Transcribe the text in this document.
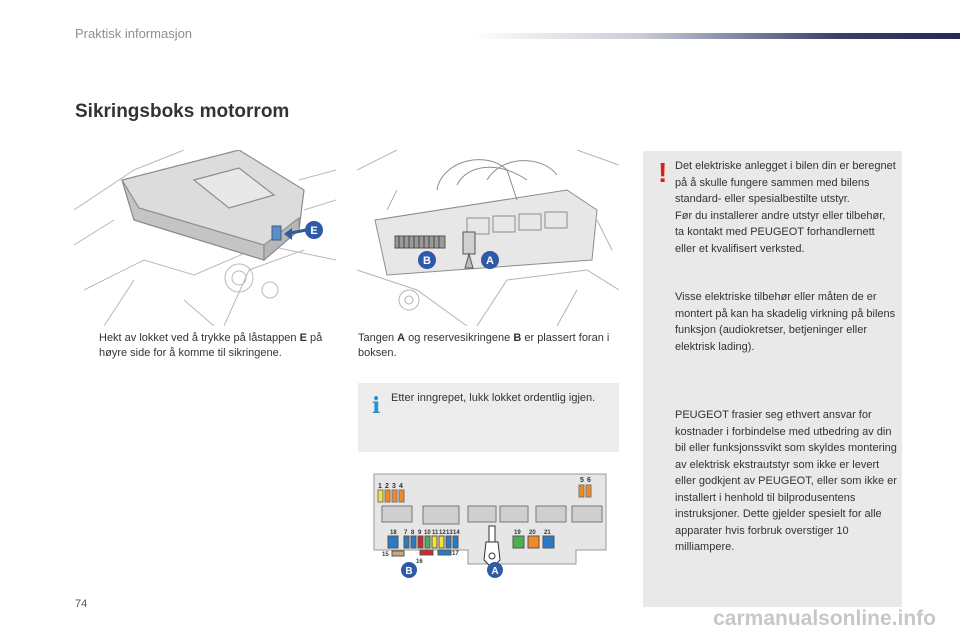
Praktisk informasjon
Sikringsboks motorrom
E
B	A
Hekt av lokket ved å trykke på låstappen E på høyre side for å komme til sikringene.
Tangen A og reservesikringene B er plassert foran i boksen.
i Etter inngrepet, lukk lokket ordentlig igjen.
1 2 3 4
5 6
18 7 8 9 10 11 12 13 14	19 20 21
15
16
17
B	A
! Det elektriske anlegget i bilen din er beregnet på å skulle fungere sammen med bilens standard- eller spesialbestilte utstyr.
Før du installerer andre utstyr eller tilbehør, ta kontakt med PEUGEOT forhandlernett eller et kvalifisert verksted.
Visse elektriske tilbehør eller måten de er montert på kan ha skadelig virkning på bilens funksjon (audiokretser, betjeninger eller elektrisk lading).
PEUGEOT frasier seg ethvert ansvar for kostnader i forbindelse med utbedring av din bil eller funksjonssvikt som skyldes montering av elektrisk ekstrautstyr som ikke er levert eller godkjent av PEUGEOT, eller som ikke er installert i henhold til bilprodusentens instruksjoner. Dette gjelder spesielt for alle apparater hvis forbruk overstiger 10 milliampere.
74
carmanualsonline.info
